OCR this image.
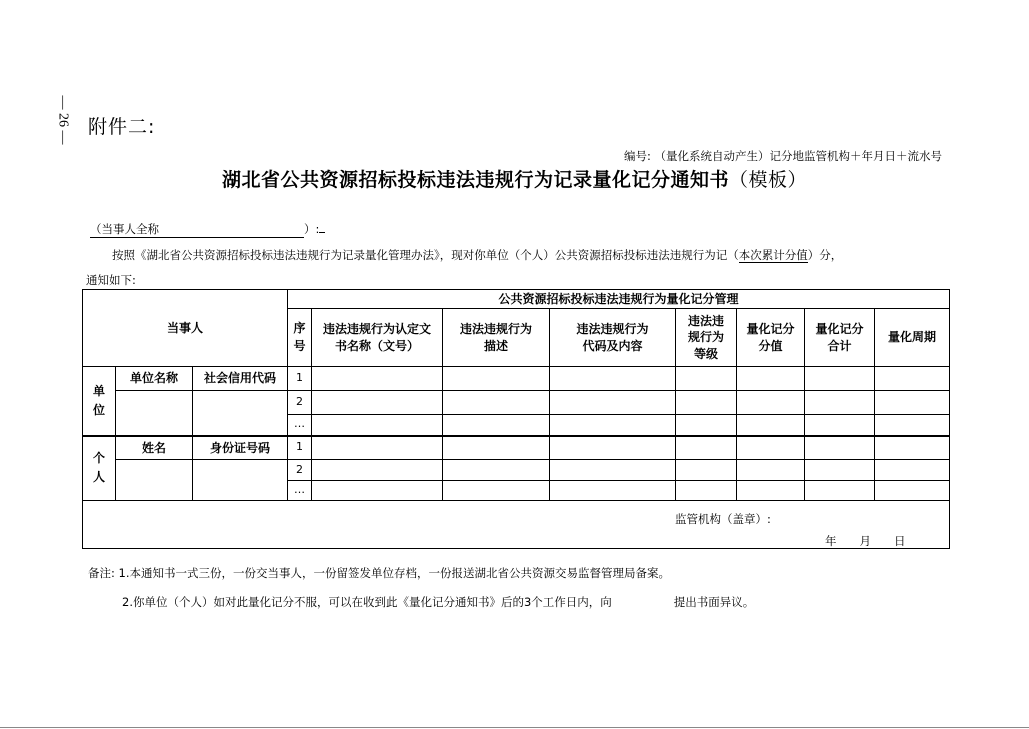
— 26 — 附件二:
编号: （量化系统自动产生）记分地监管机构＋年月日＋流水号
湖北省公共资源招标投标违法违规行为记录量化记分通知书（模板）
（当事人全称	）:
按照《湖北省公共资源招标投标违法违规行为记录量化管理办法》，现对你单位（个人）公共资源招标投标违法违规行为记（本次累计分值）分，
通知如下:
当事人			公共资源招标投标违法违规行为量化记分管理							
			序号	违法违规行为认定文书名称（文号）	违法违规行为描述	违法违规行为代码及内容	违法违规行为等级	量化记分分值	量化记分合计	量化周期
单位	单位名称	社会信用代码	1							
			2							
			…							
个人	姓名	身份证号码	1							
			2							
			…							

监管机构（盖章）:
年　　月　　日										
备注: 1.本通知书一式三份，一份交当事人，一份留签发单位存档，一份报送湖北省公共资源交易监督管理局备案。
2.你单位（个人）如对此量化记分不服，可以在收到此《量化记分通知书》后的3个工作日内，向	提出书面异议。
